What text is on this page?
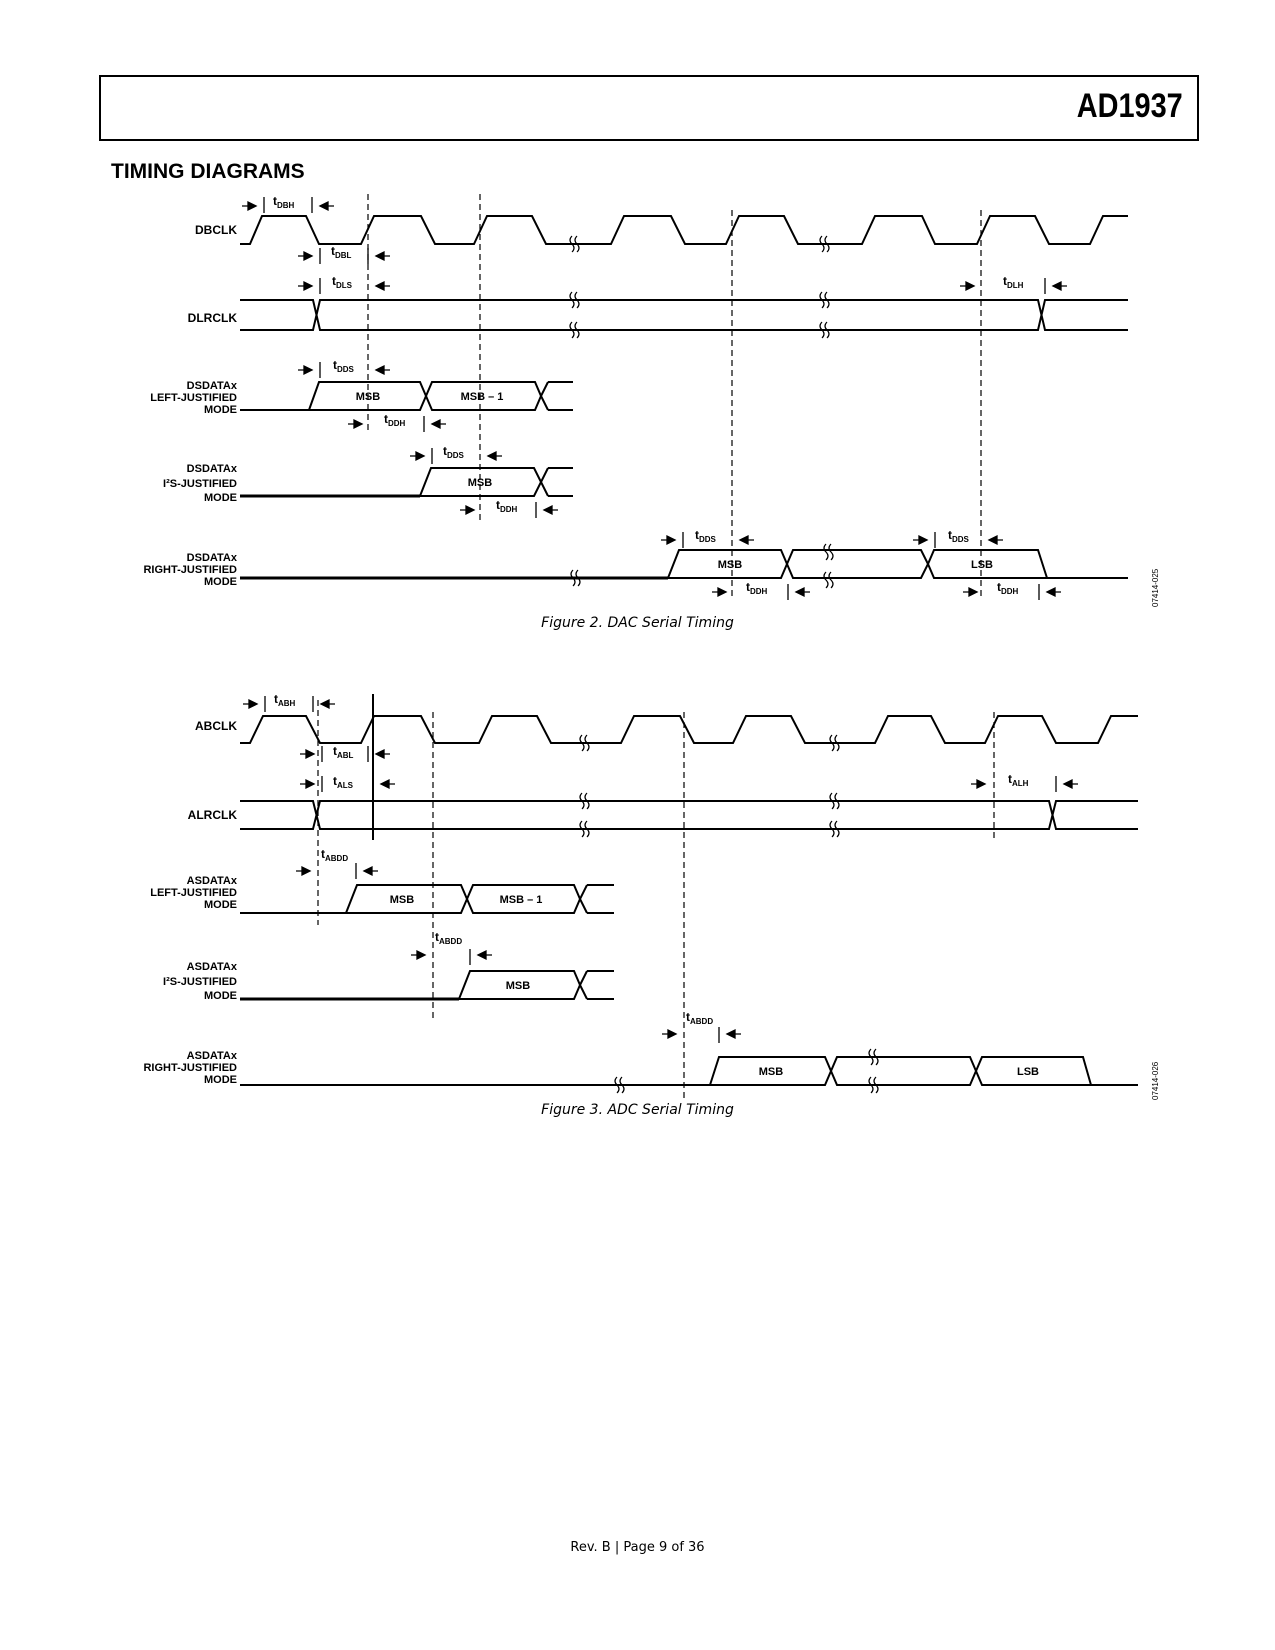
AD1937
TIMING DIAGRAMS
DBCLK
DLRCLK
DSDATAx
LEFT-JUSTIFIED
MODE
DSDATAx
I²S-JUSTIFIED
MODE
DSDATAx
RIGHT-JUSTIFIED
MODE
MSB	MSB – 1
MSB
MSB	LSB
$t_{DBH}$
$t_{DBL}$
$t_{DLS}$	$t_{DLH}$
$t_{DDS}$
$t_{DDH}$
$t_{DDS}$
$t_{DDH}$
$t_{DDS}$
$t_{DDH}$
$t_{DDS}$
$t_{DDH}$
Figure 2. DAC Serial Timing
07414-025
ABCLK
ALRCLK
ASDATAx
LEFT-JUSTIFIED
MODE
ASDATAx
I²S-JUSTIFIED
MODE
ASDATAx
RIGHT-JUSTIFIED
MODE
MSB	MSB – 1
MSB
MSB	LSB
$t_{ABH}$
$t_{ABL}$
$t_{ALS}$	$t_{ALH}$
$t_{ABDD}$
$t_{ABDD}$
$t_{ABDD}$
Figure 3. ADC Serial Timing
07414-026
Rev. B | Page 9 of 36
